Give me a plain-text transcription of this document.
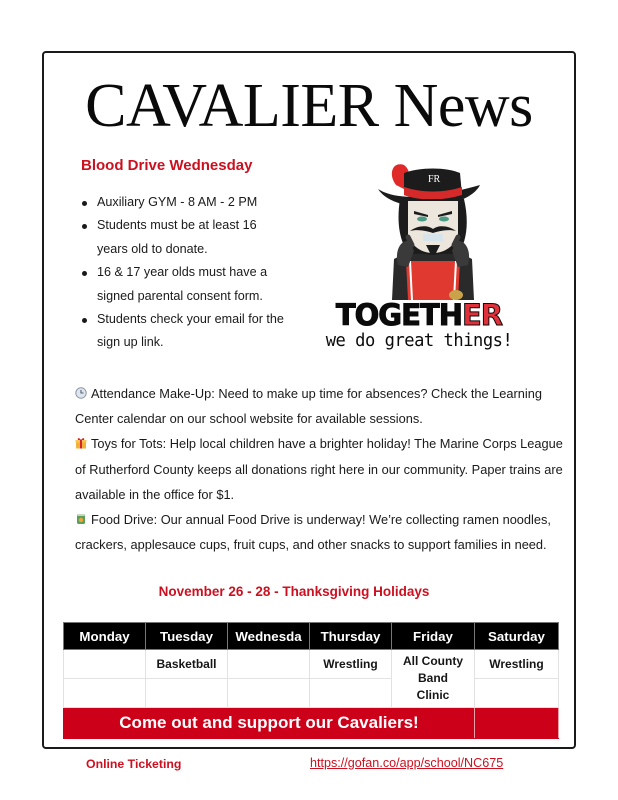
CAVALIER News
Blood Drive Wednesday
Auxiliary GYM - 8 AM - 2 PM
Students must be at least 16 years old to donate.
16 & 17 year olds must have a signed parental consent form.
Students check your email for the sign up link.
FR
TOGETHER
we do great things!

Attendance Make-Up: Need to make up time for absences? Check the Learning Center calendar on our school website for available sessions.

Toys for Tots: Help local children have a brighter holiday! The Marine Corps League of Rutherford County keeps all donations right here in our community. Paper trains are available in the office for $1.

Food Drive: Our annual Food Drive is underway! We’re collecting ramen noodles, crackers, applesauce cups, fruit cups, and other snacks to support families in need.

November 26 - 28 - Thanksgiving Holidays
Monday	Tuesday	Wednesda	Thursday	Friday	Saturday
	Basketball		Wrestling	All County Band Clinic	Wrestling

Come out and support our Cavaliers!					
Online Ticketing	https://gofan.co/app/school/NC675
